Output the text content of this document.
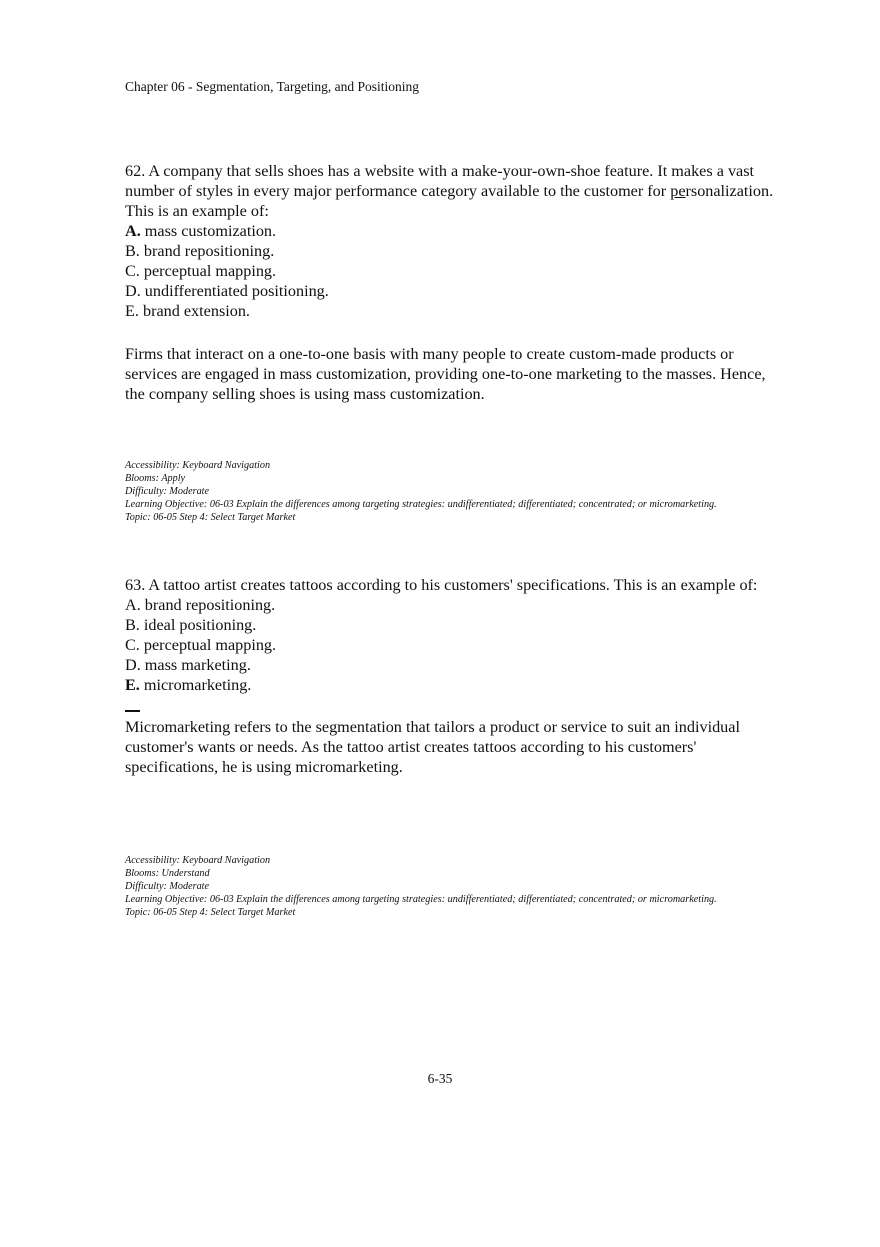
Chapter 06 - Segmentation, Targeting, and Positioning

62. A company that sells shoes has a website with a make-your-own-shoe feature. It makes a vast number of styles in every major performance category available to the customer for personalization. This is an example of:

A. mass customization.
B. brand repositioning.
C. perceptual mapping.
D. undifferentiated positioning.
E. brand extension.

Firms that interact on a one-to-one basis with many people to create custom-made products or services are engaged in mass customization, providing one-to-one marketing to the masses. Hence, the company selling shoes is using mass customization.

Accessibility: Keyboard Navigation
Blooms: Apply
Difficulty: Moderate
Learning Objective: 06-03 Explain the differences among targeting strategies: undifferentiated; differentiated; concentrated; or micromarketing.
Topic: 06-05 Step 4: Select Target Market

63. A tattoo artist creates tattoos according to his customers' specifications. This is an example of:

A. brand repositioning.
B. ideal positioning.
C. perceptual mapping.
D. mass marketing.
E. micromarketing.

Micromarketing refers to the segmentation that tailors a product or service to suit an individual customer's wants or needs. As the tattoo artist creates tattoos according to his customers' specifications, he is using micromarketing.

Accessibility: Keyboard Navigation
Blooms: Understand
Difficulty: Moderate
Learning Objective: 06-03 Explain the differences among targeting strategies: undifferentiated; differentiated; concentrated; or micromarketing.
Topic: 06-05 Step 4: Select Target Market
6-35
